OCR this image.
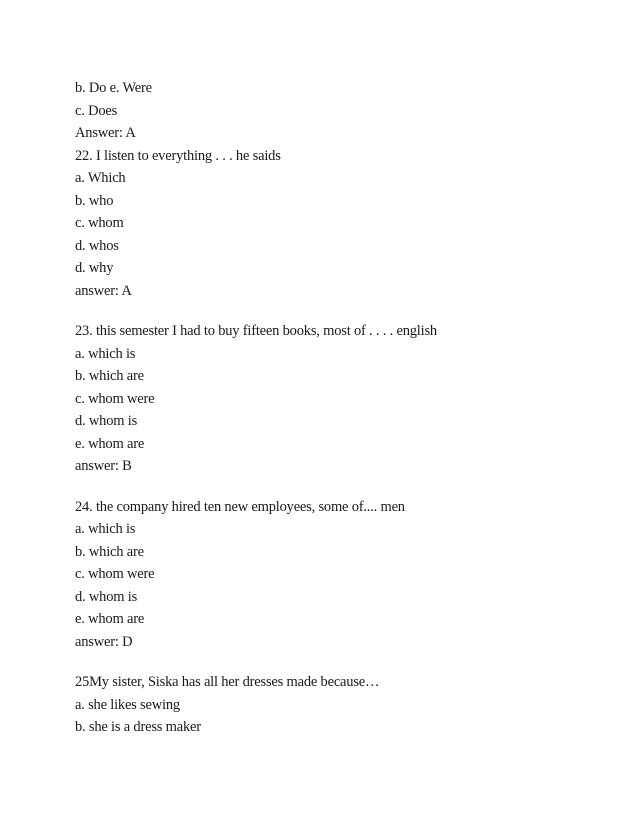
b. Do e. Were
c. Does
Answer: A
22. I listen to everything . . . he saids
a. Which
b. who
c. whom
d. whos
d. why
answer: A
23. this semester I had to buy fifteen books, most of . . . . english
a. which is
b. which are
c. whom were
d. whom is
e. whom are
answer: B
24. the company hired ten new employees, some of.... men
a. which is
b. which are
c. whom were
d. whom is
e. whom are
answer: D
25My sister, Siska has all her dresses made because…
a. she likes sewing
b. she is a dress maker
